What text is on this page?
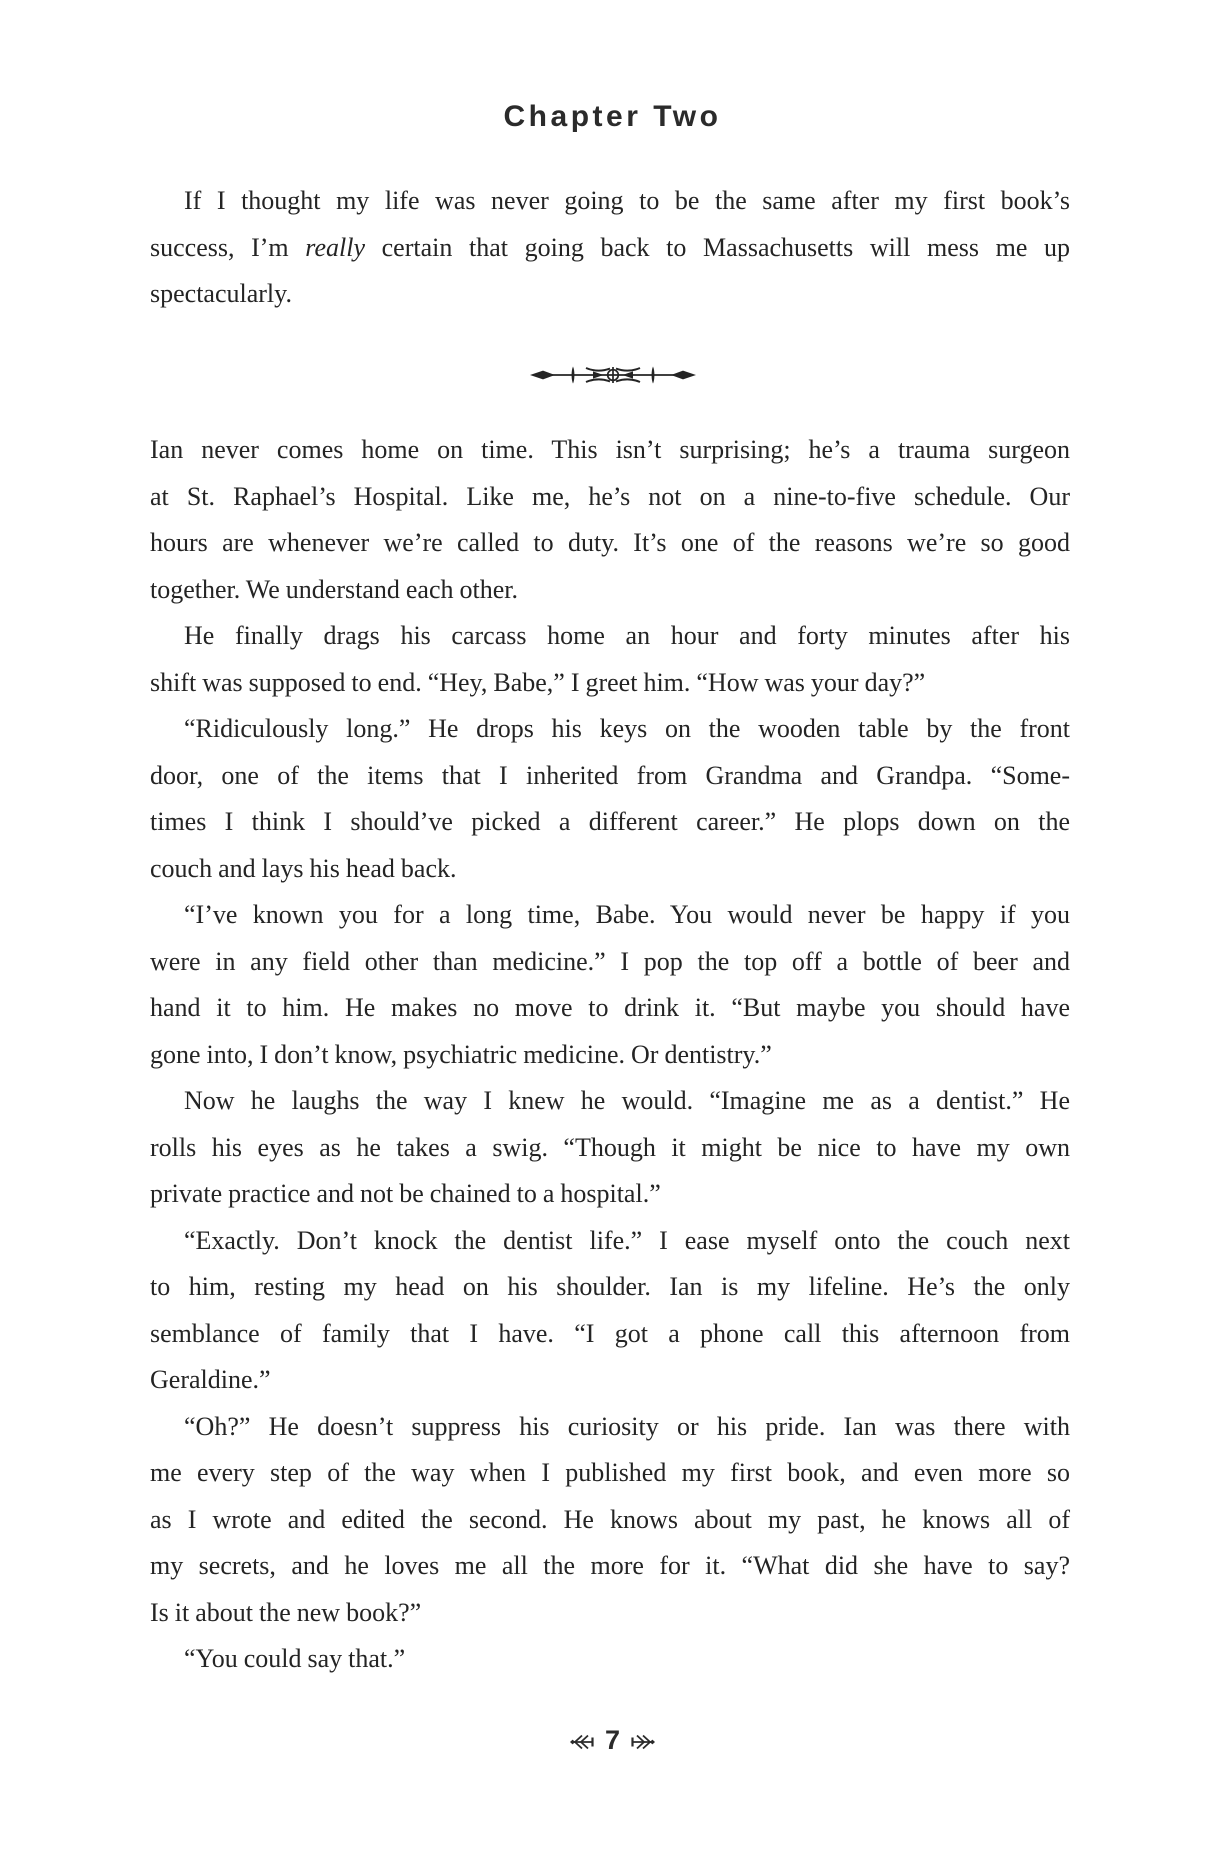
Chapter Two
If I thought my life was never going to be the same after my first book’s
success, I’m really certain that going back to Massachusetts will mess me up
spectacularly.
Ian never comes home on time. This isn’t surprising; he’s a trauma surgeon
at St. Raphael’s Hospital. Like me, he’s not on a nine-to-five schedule. Our
hours are whenever we’re called to duty. It’s one of the reasons we’re so good
together. We understand each other.
He finally drags his carcass home an hour and forty minutes after his
shift was supposed to end. “Hey, Babe,” I greet him. “How was your day?”
“Ridiculously long.” He drops his keys on the wooden table by the front
door, one of the items that I inherited from Grandma and Grandpa. “Some-
times I think I should’ve picked a different career.” He plops down on the
couch and lays his head back.
“I’ve known you for a long time, Babe. You would never be happy if you
were in any field other than medicine.” I pop the top off a bottle of beer and
hand it to him. He makes no move to drink it. “But maybe you should have
gone into, I don’t know, psychiatric medicine. Or dentistry.”
Now he laughs the way I knew he would. “Imagine me as a dentist.” He
rolls his eyes as he takes a swig. “Though it might be nice to have my own
private practice and not be chained to a hospital.”
“Exactly. Don’t knock the dentist life.” I ease myself onto the couch next
to him, resting my head on his shoulder. Ian is my lifeline. He’s the only
semblance of family that I have. “I got a phone call this afternoon from
Geraldine.”
“Oh?” He doesn’t suppress his curiosity or his pride. Ian was there with
me every step of the way when I published my first book, and even more so
as I wrote and edited the second. He knows about my past, he knows all of
my secrets, and he loves me all the more for it. “What did she have to say?
Is it about the new book?”
“You could say that.”
7
